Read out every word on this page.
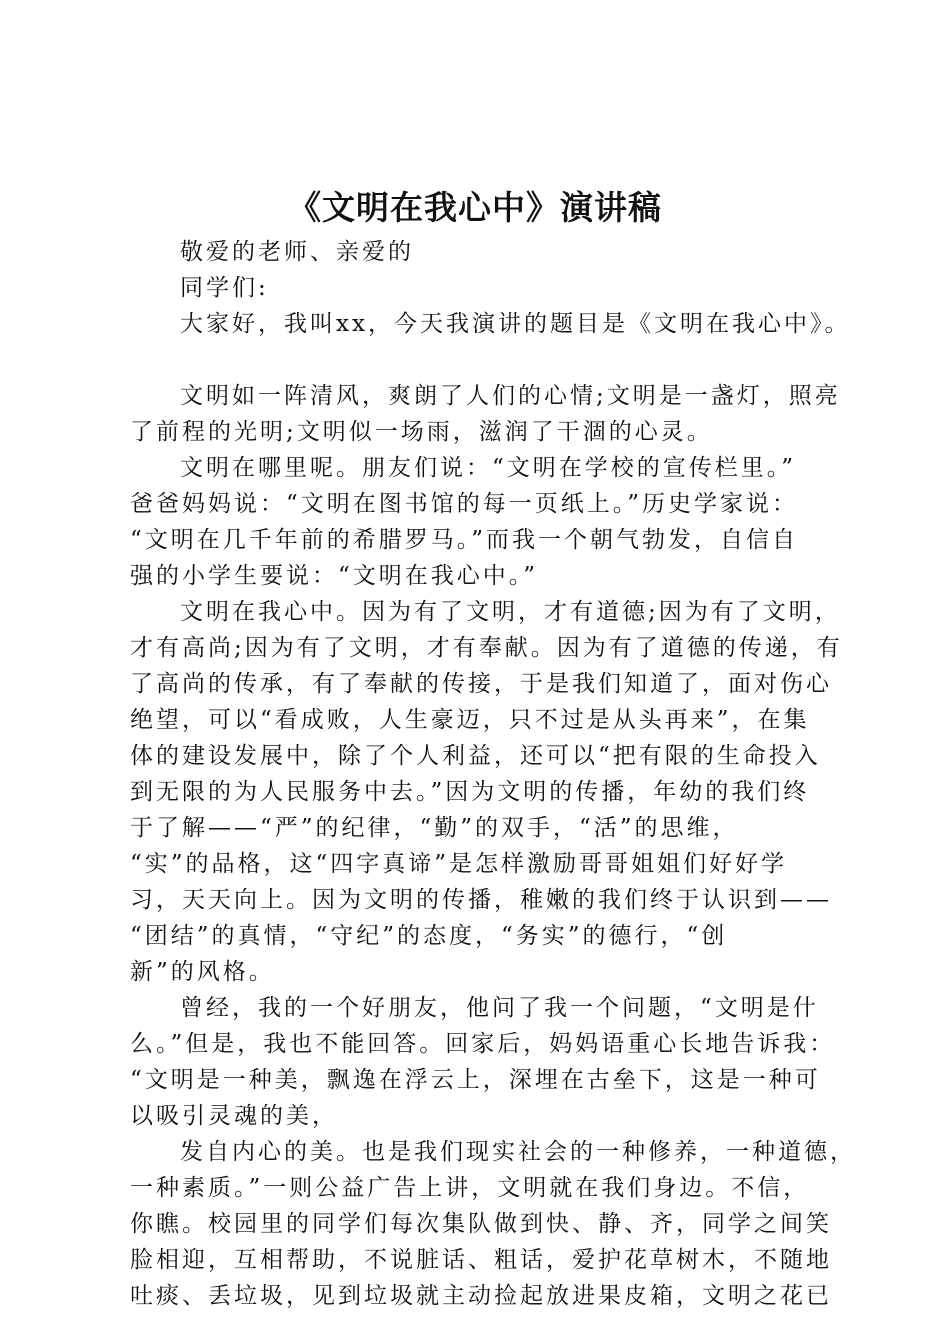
《文明在我心中》演讲稿
敬爱的老师、亲爱的
同学们:
大家好，我叫xx，今天我演讲的题目是《文明在我心中》。
文明如一阵清风，爽朗了人们的心情;文明是一盏灯，照亮
了前程的光明;文明似一场雨，滋润了干涸的心灵。
文明在哪里呢。朋友们说：“文明在学校的宣传栏里。”
爸爸妈妈说：“文明在图书馆的每一页纸上。”历史学家说：
“文明在几千年前的希腊罗马。”而我一个朝气勃发，自信自
强的小学生要说：“文明在我心中。”
文明在我心中。因为有了文明，才有道德;因为有了文明，
才有高尚;因为有了文明，才有奉献。因为有了道德的传递，有
了高尚的传承，有了奉献的传接，于是我们知道了，面对伤心
绝望，可以“看成败，人生豪迈，只不过是从头再来”，在集
体的建设发展中，除了个人利益，还可以“把有限的生命投入
到无限的为人民服务中去。”因为文明的传播，年幼的我们终
于了解——“严”的纪律，“勤”的双手，“活”的思维，
“实”的品格，这“四字真谛”是怎样激励哥哥姐姐们好好学
习，天天向上。因为文明的传播，稚嫩的我们终于认识到——
“团结”的真情，“守纪”的态度，“务实”的德行，“创
新”的风格。
曾经，我的一个好朋友，他问了我一个问题，“文明是什
么。”但是，我也不能回答。回家后，妈妈语重心长地告诉我：
“文明是一种美，飘逸在浮云上，深埋在古垒下，这是一种可
以吸引灵魂的美，
发自内心的美。也是我们现实社会的一种修养，一种道德，
一种素质。”一则公益广告上讲，文明就在我们身边。不信，
你瞧。校园里的同学们每次集队做到快、静、齐，同学之间笑
脸相迎，互相帮助，不说脏话、粗话，爱护花草树木，不随地
吐痰、丢垃圾，见到垃圾就主动捡起放进果皮箱，文明之花已
